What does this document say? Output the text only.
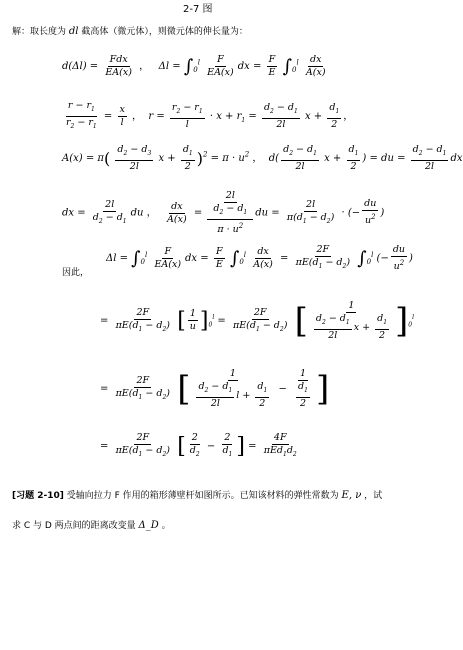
2-7 图
解：取长度为 dl 截高体（微元体），则微元体的伸长量为：
$d(\Delta l) = \frac{\text{Fdx}}{EA(x)}$ ，   $\Delta l = \int_0^l \frac{F}{EA(x)}$ dx = $\frac{F}{E} \int_0^l \frac{dx}{A(x)}$
$\frac{r - r_1}{r_2 - r_1} = \frac{x}{l}$ ，  $r = \frac{r_2 - r_1}{l} \cdot x + r_1 = \frac{d_2 - d_1}{2l}$ $x + \frac{d_1}{2}$ ，
$A(x) = \pi( \frac{d_2 - d_3}{2l}$ $x + \frac{d_1}{2} )^2 = \pi \cdot u^2$ ，  $d( \frac{d_2 - d_1}{2l}$ $x + \frac{d_1}{2}$ ) = du = $\frac{d_2 - d_1}{2l}$ dx
dx = $\frac{2l}{d_2 - d_1}$ du ， $\frac{dx}{A(x)} = \frac{\frac{2l}{d_2 - d_1}}{\pi \cdot u^2}$ du = $\frac{2l}{\pi(d_1 - d_2)}$ · (− $\frac{du}{u^2}$ )
因此，
$\Delta l = \int_0^l \frac{F}{EA(x)}$ dx = $\frac{F}{E} \int_0^l \frac{dx}{A(x)} = \frac{2F}{\pi E(d_1 - d_2)} \int_0^l$ (− $\frac{du}{u^2}$ )
= $\frac{2F}{\pi E(d_1 - d_2)}$ [ $\frac{1}{u} ]_0^l = \frac{2F}{\pi E(d_1 - d_2)}$ [ $\frac{1}{\frac{d_2 - d_1}{2l} x + \frac{d_1}{2}} ]_0^l$
= $\frac{2F}{\pi E(d_1 - d_2)}$ [ $\frac{1}{\frac{d_2 - d_1}{2l} l + \frac{d_1}{2}} - \frac{1}{\frac{d_1}{2}}$ ]
= $\frac{2F}{\pi E(d_1 - d_2)}$ [ $\frac{2}{d_2} - \frac{2}{d_1}$ ] = $\frac{4F}{\pi Ed_1d_2}$
[习题 2-10] 受轴向拉力 F 作用的箱形薄壁杆如图所示。已知该材料的弹性常数为 E, ν ，试
求 C 与 D 两点间的距离改变量 Δ_D 。
